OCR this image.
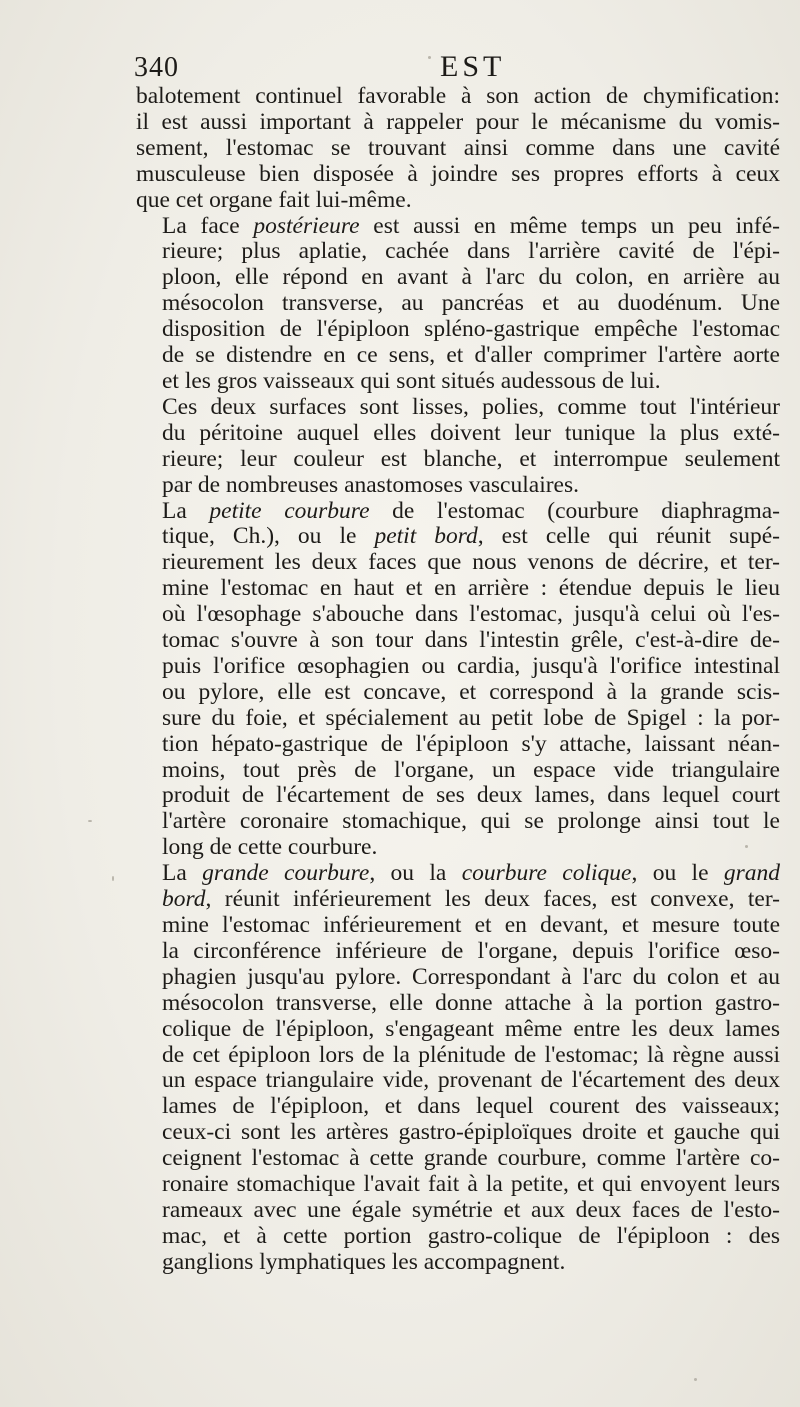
340	EST

balotement continuel favorable à son action de chymification:
il est aussi important à rappeler pour le mécanisme du vomis-
sement, l'estomac se trouvant ainsi comme dans une cavité
musculeuse bien disposée à joindre ses propres efforts à ceux
que cet organe fait lui-même.

La face postérieure est aussi en même temps un peu infé-
rieure; plus aplatie, cachée dans l'arrière cavité de l'épi-
ploon, elle répond en avant à l'arc du colon, en arrière au
mésocolon transverse, au pancréas et au duodénum. Une
disposition de l'épiploon spléno-gastrique empêche l'estomac
de se distendre en ce sens, et d'aller comprimer l'artère aorte
et les gros vaisseaux qui sont situés audessous de lui.

Ces deux surfaces sont lisses, polies, comme tout l'intérieur
du péritoine auquel elles doivent leur tunique la plus exté-
rieure; leur couleur est blanche, et interrompue seulement
par de nombreuses anastomoses vasculaires.

La petite courbure de l'estomac (courbure diaphragma-
tique, Ch.), ou le petit bord, est celle qui réunit supé-
rieurement les deux faces que nous venons de décrire, et ter-
mine l'estomac en haut et en arrière : étendue depuis le lieu
où l'œsophage s'abouche dans l'estomac, jusqu'à celui où l'es-
tomac s'ouvre à son tour dans l'intestin grêle, c'est-à-dire de-
puis l'orifice œsophagien ou cardia, jusqu'à l'orifice intestinal
ou pylore, elle est concave, et correspond à la grande scis-
sure du foie, et spécialement au petit lobe de Spigel : la por-
tion hépato-gastrique de l'épiploon s'y attache, laissant néan-
moins, tout près de l'organe, un espace vide triangulaire
produit de l'écartement de ses deux lames, dans lequel court
l'artère coronaire stomachique, qui se prolonge ainsi tout le
long de cette courbure.

La grande courbure, ou la courbure colique, ou le grand
bord, réunit inférieurement les deux faces, est convexe, ter-
mine l'estomac inférieurement et en devant, et mesure toute
la circonférence inférieure de l'organe, depuis l'orifice œso-
phagien jusqu'au pylore. Correspondant à l'arc du colon et au
mésocolon transverse, elle donne attache à la portion gastro-
colique de l'épiploon, s'engageant même entre les deux lames
de cet épiploon lors de la plénitude de l'estomac; là règne aussi
un espace triangulaire vide, provenant de l'écartement des deux
lames de l'épiploon, et dans lequel courent des vaisseaux;
ceux-ci sont les artères gastro-épiploïques droite et gauche qui
ceignent l'estomac à cette grande courbure, comme l'artère co-
ronaire stomachique l'avait fait à la petite, et qui envoyent leurs
rameaux avec une égale symétrie et aux deux faces de l'esto-
mac, et à cette portion gastro-colique de l'épiploon : des
ganglions lymphatiques les accompagnent.
